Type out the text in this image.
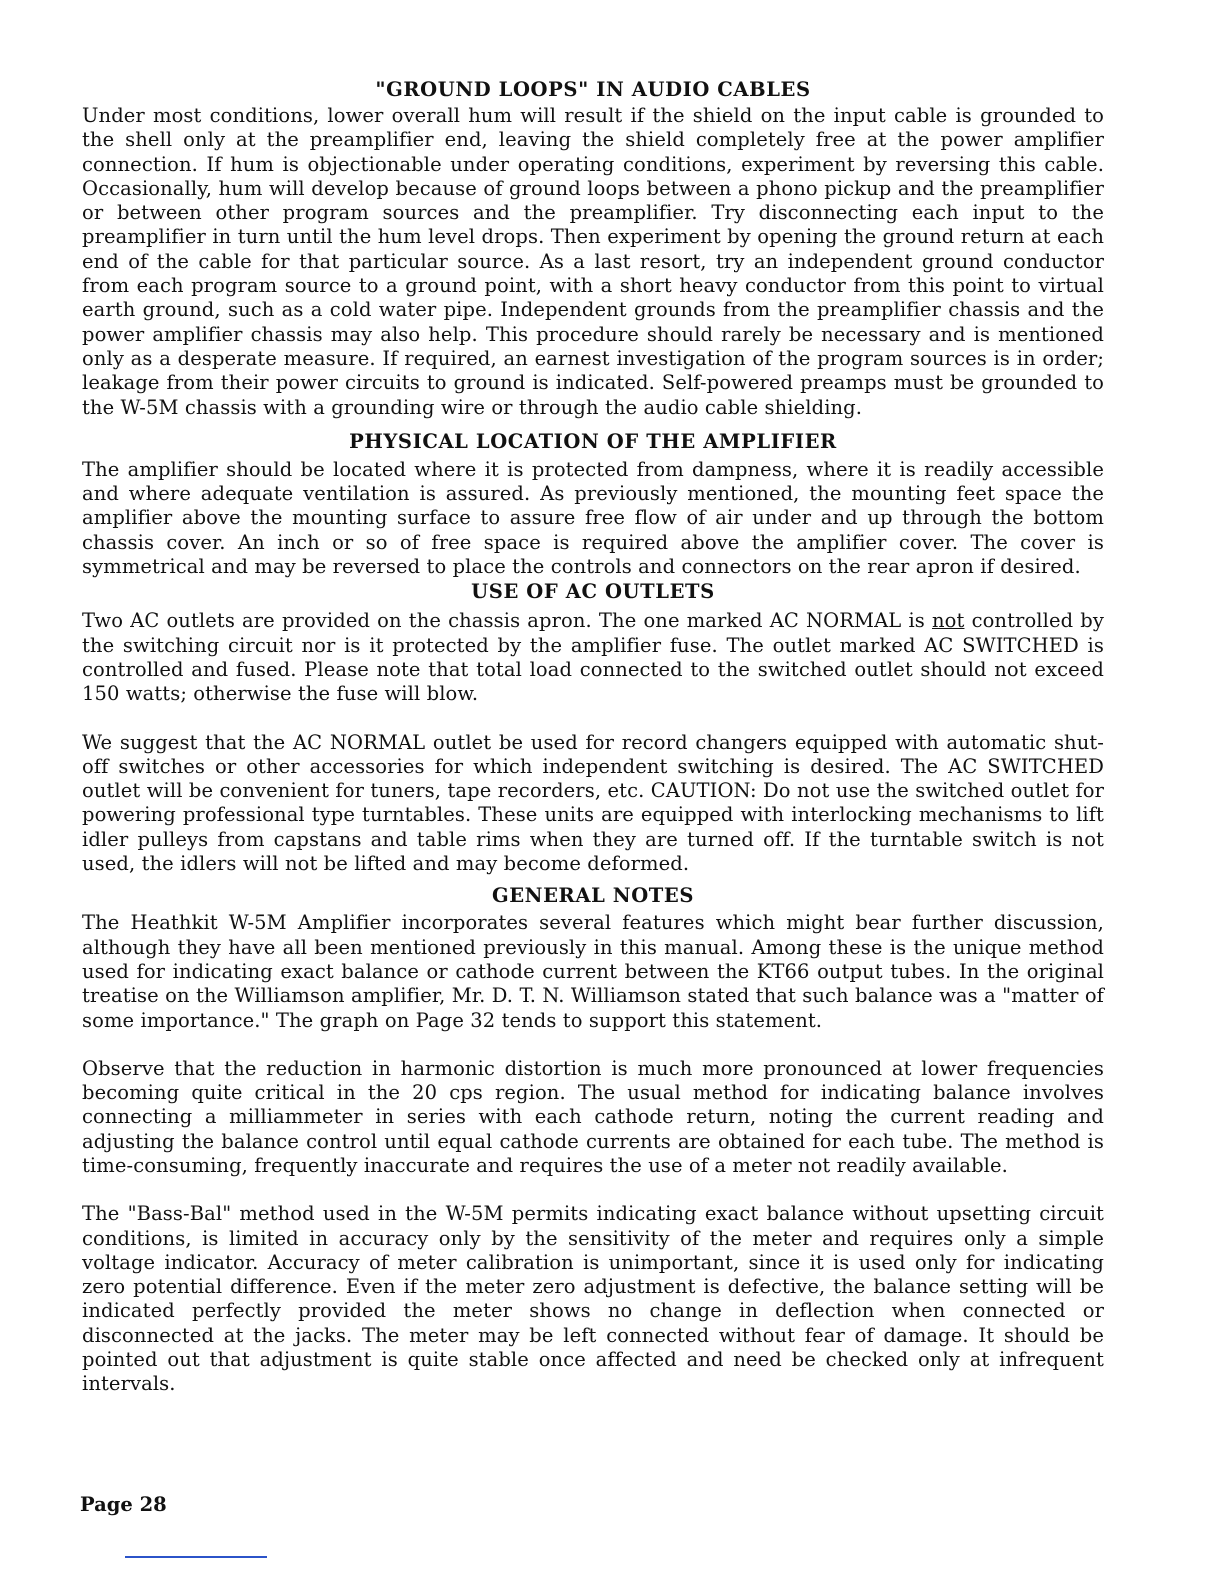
"GROUND LOOPS" IN AUDIO CABLES

Under most conditions, lower overall hum will result if the shield on the input cable is grounded to the shell only at the preamplifier end, leaving the shield completely free at the power amplifier connection. If hum is objectionable under operating conditions, experiment by reversing this cable. Occasionally, hum will develop because of ground loops between a phono pickup and the preamplifier or between other program sources and the preamplifier. Try disconnecting each input to the preamplifier in turn until the hum level drops. Then experiment by opening the ground return at each end of the cable for that particular source. As a last resort, try an independent ground conductor from each program source to a ground point, with a short heavy conductor from this point to virtual earth ground, such as a cold water pipe. Independent grounds from the preamplifier chassis and the power amplifier chassis may also help. This procedure should rarely be necessary and is mentioned only as a desperate measure. If required, an earnest investigation of the program sources is in order; leakage from their power circuits to ground is indicated. Self-powered preamps must be grounded to the W-5M chassis with a grounding wire or through the audio cable shielding.

PHYSICAL LOCATION OF THE AMPLIFIER

The amplifier should be located where it is protected from dampness, where it is readily accessible and where adequate ventilation is assured. As previously mentioned, the mounting feet space the amplifier above the mounting surface to assure free flow of air under and up through the bottom chassis cover. An inch or so of free space is required above the amplifier cover. The cover is symmetrical and may be reversed to place the controls and connectors on the rear apron if desired.

USE OF AC OUTLETS

Two AC outlets are provided on the chassis apron. The one marked AC NORMAL is not controlled by the switching circuit nor is it protected by the amplifier fuse. The outlet marked AC SWITCHED is controlled and fused. Please note that total load connected to the switched outlet should not exceed 150 watts; otherwise the fuse will blow.

We suggest that the AC NORMAL outlet be used for record changers equipped with automatic shut-off switches or other accessories for which independent switching is desired. The AC SWITCHED outlet will be convenient for tuners, tape recorders, etc. CAUTION: Do not use the switched outlet for powering professional type turntables. These units are equipped with interlocking mechanisms to lift idler pulleys from capstans and table rims when they are turned off. If the turntable switch is not used, the idlers will not be lifted and may become deformed.

GENERAL NOTES

The Heathkit W-5M Amplifier incorporates several features which might bear further discussion, although they have all been mentioned previously in this manual. Among these is the unique method used for indicating exact balance or cathode current between the KT66 output tubes. In the original treatise on the Williamson amplifier, Mr. D. T. N. Williamson stated that such balance was a "matter of some importance." The graph on Page 32 tends to support this statement.

Observe that the reduction in harmonic distortion is much more pronounced at lower frequencies becoming quite critical in the 20 cps region. The usual method for indicating balance involves connecting a milliammeter in series with each cathode return, noting the current reading and adjusting the balance control until equal cathode currents are obtained for each tube. The method is time-consuming, frequently inaccurate and requires the use of a meter not readily available.

The "Bass-Bal" method used in the W-5M permits indicating exact balance without upsetting circuit conditions, is limited in accuracy only by the sensitivity of the meter and requires only a simple voltage indicator. Accuracy of meter calibration is unimportant, since it is used only for indicating zero potential difference. Even if the meter zero adjustment is defective, the balance setting will be indicated perfectly provided the meter shows no change in deflection when connected or disconnected at the jacks. The meter may be left connected without fear of damage. It should be pointed out that adjustment is quite stable once affected and need be checked only at infrequent intervals.

Page 28
